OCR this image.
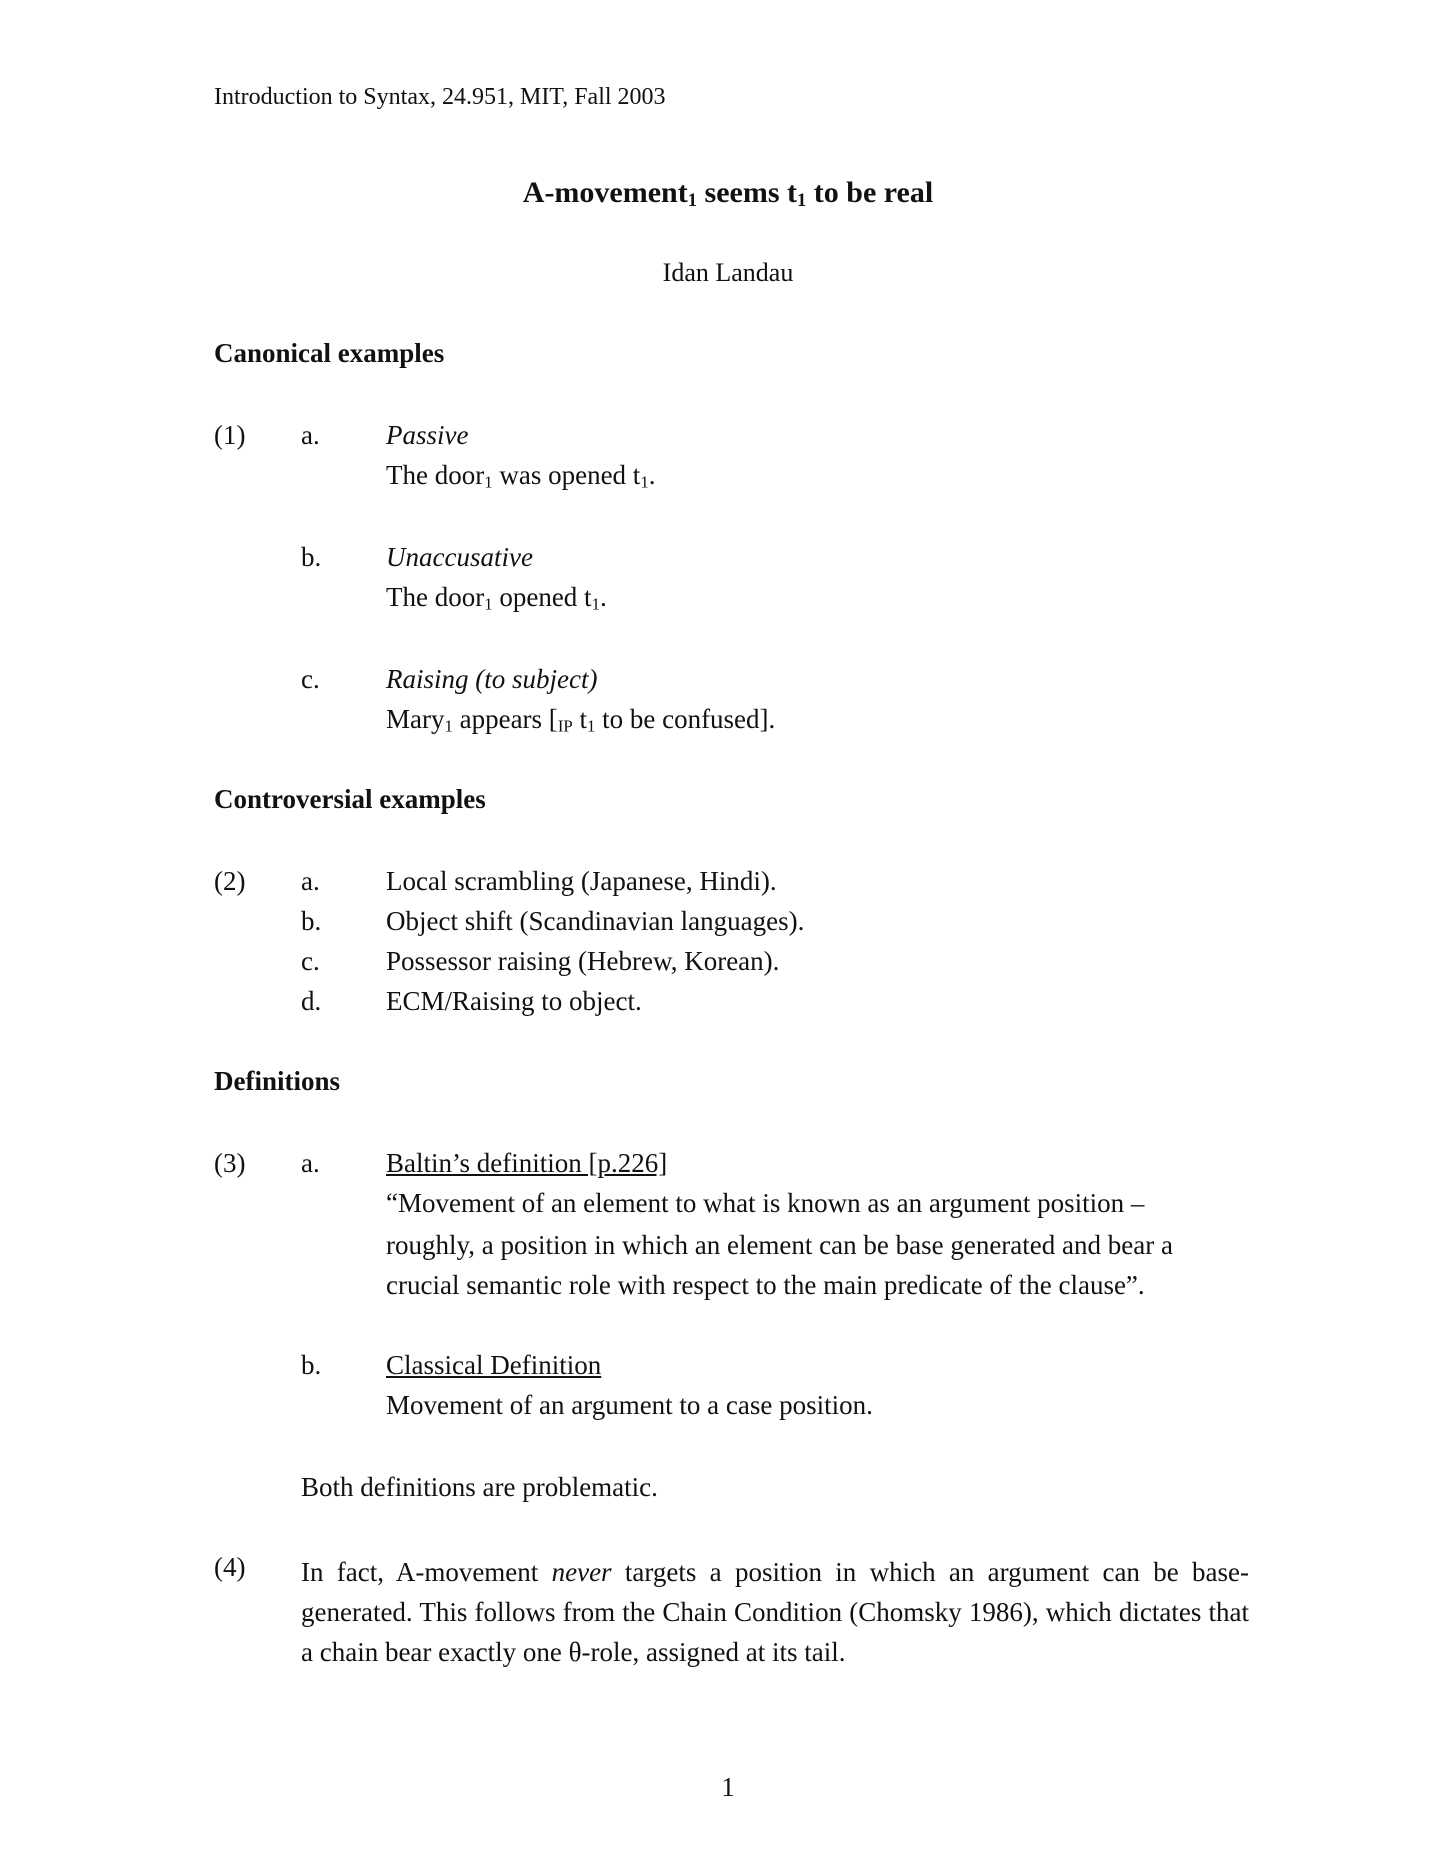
Introduction to Syntax, 24.951, MIT, Fall 2003
A-movement$_1$ seems $t_1$ to be real
Idan Landau
Canonical examples
(1) a. Passive
The door$_1$ was opened $t_1$.
b. Unaccusative
The door$_1$ opened $t_1$.
c. Raising (to subject)
Mary$_1$ appears [$_{IP}$ $t_1$ to be confused].
Controversial examples
(2) a. Local scrambling (Japanese, Hindi).
b. Object shift (Scandinavian languages).
c. Possessor raising (Hebrew, Korean).
d. ECM/Raising to object.
Definitions
(3) a. Baltin’s definition [p.226]
“Movement of an element to what is known as an argument position –
roughly, a position in which an element can be base generated and bear a
crucial semantic role with respect to the main predicate of the clause”.
b. Classical Definition
Movement of an argument to a case position.
Both definitions are problematic.
(4) In fact, A-movement never targets a position in which an argument can be base-generated. This follows from the Chain Condition (Chomsky 1986), which dictates that a chain bear exactly one θ-role, assigned at its tail.
1
